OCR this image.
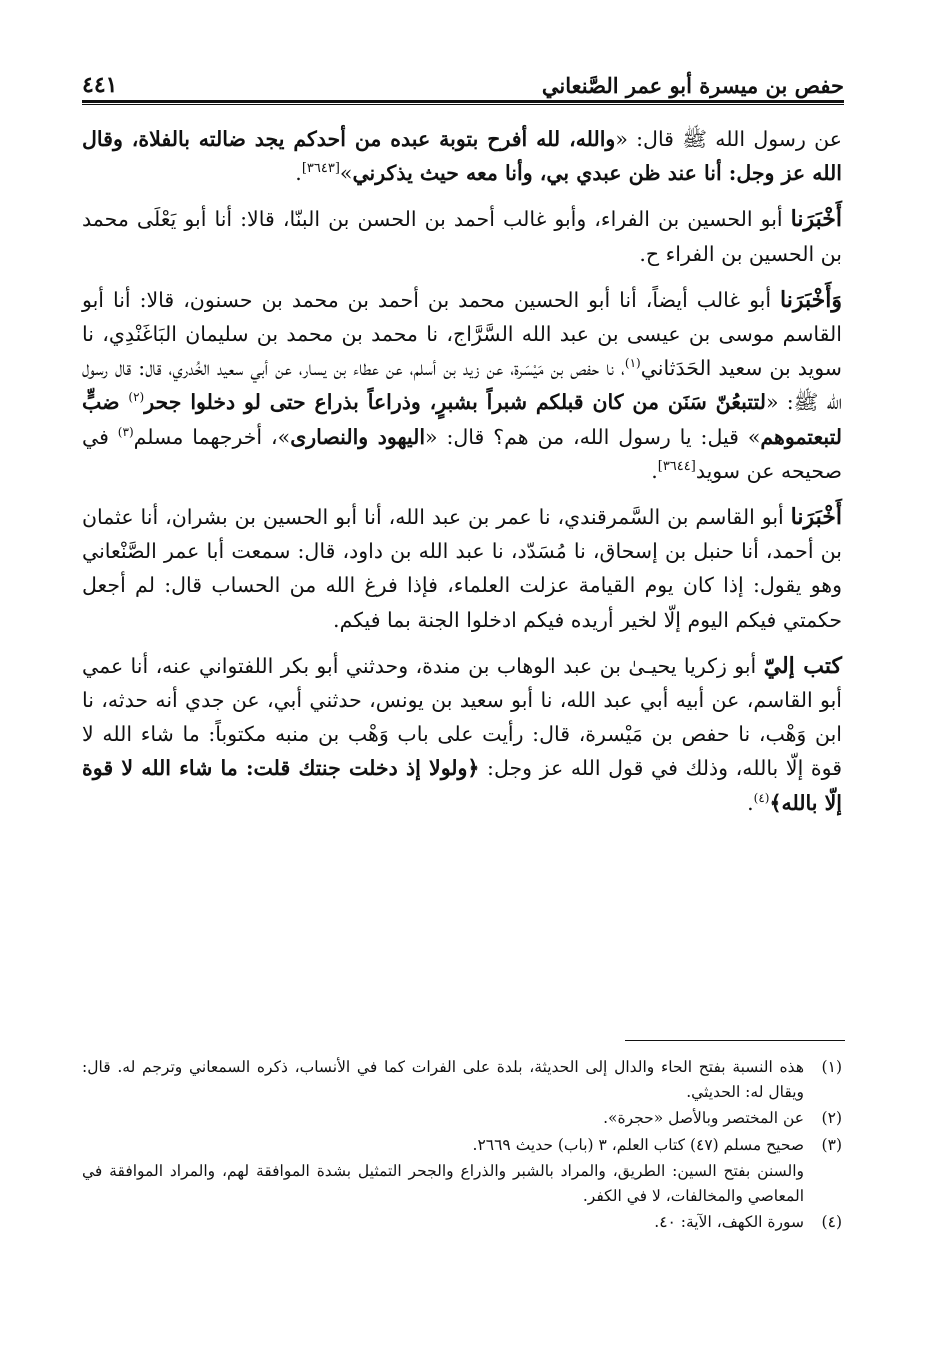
حفص بن ميسرة أبو عمر الصَّنعاني
٤٤١

عن رسول الله ﷺ قال: «والله، لله أفرح بتوبة عبده من أحدكم يجد ضالته بالفلاة، وقال الله عز وجل: أنا عند ظن عبدي بي، وأنا معه حيث يذكرني»[٣٦٤٣].

أَخْبَرَنا أبو الحسين بن الفراء، وأبو غالب أحمد بن الحسن بن البنّا، قالا: أنا أبو يَعْلَى محمد بن الحسين بن الفراء ح.

وَأَخْبَرَنا أبو غالب أيضاً، أنا أبو الحسين محمد بن أحمد بن محمد بن حسنون، قالا: أنا أبو القاسم موسى بن عيسى بن عبد الله السَّرَّاج، نا محمد بن محمد بن سليمان البَاغَنْدِي، نا سويد بن سعيد الحَدَثاني$^{(١)}$، نا حفص بن مَيْسَرة، عن زيد بن أسلم، عن عطاء بن يسار، عن أبي سعيد الخُدري، قال: قال رسول الله ﷺ: «لتتبعُنّ سَنَن من كان قبلكم شبراً بشبرٍ، وذراعاً بذراع حتى لو دخلوا جحر$^{(٢)}$ ضبٍّ لتبعتموهم» قيل: يا رسول الله، من هم؟ قال: «اليهود والنصارى»، أخرجهما مسلم$^{(٣)}$ في صحيحه عن سويد[٣٦٤٤].

أَخْبَرَنا أبو القاسم بن السَّمرقندي، نا عمر بن عبد الله، أنا أبو الحسين بن بشران، أنا عثمان بن أحمد، أنا حنبل بن إسحاق، نا مُسَدّد، نا عبد الله بن داود، قال: سمعت أبا عمر الصَّنْعاني وهو يقول: إذا كان يوم القيامة عزلت العلماء، فإذا فرغ الله من الحساب قال: لم أجعل حكمتي فيكم اليوم إلّا لخير أريده فيكم ادخلوا الجنة بما فيكم.

كتب إليّ أبو زكريا يحيـىٰ بن عبد الوهاب بن مندة، وحدثني أبو بكر اللفتواني عنه، أنا عمي أبو القاسم، عن أبيه أبي عبد الله، نا أبو سعيد بن يونس، حدثني أبي، عن جدي أنه حدثه، نا ابن وَهْب، نا حفص بن مَيْسرة، قال: رأيت على باب وَهْب بن منبه مكتوباً: ما شاء الله لا قوة إلّا بالله، وذلك في قول الله عز وجل: ﴿ولولا إذ دخلت جنتك قلت: ما شاء الله لا قوة إلّا بالله﴾$^{(٤)}$.

(١)
هذه النسبة بفتح الحاء والدال إلى الحديثة، بلدة على الفرات كما في الأنساب، ذكره السمعاني وترجم له. قال: ويقال له: الحديثي.
(٢)
عن المختصر وبالأصل «حجرة».
(٣)
صحيح مسلم (٤٧) كتاب العلم، ٣ (باب) حديث ٢٦٦٩.
والسنن بفتح السين: الطريق، والمراد بالشبر والذراع والجحر التمثيل بشدة الموافقة لهم، والمراد الموافقة في المعاصي والمخالفات، لا في الكفر.
(٤)
سورة الكهف، الآية: ٤٠.
